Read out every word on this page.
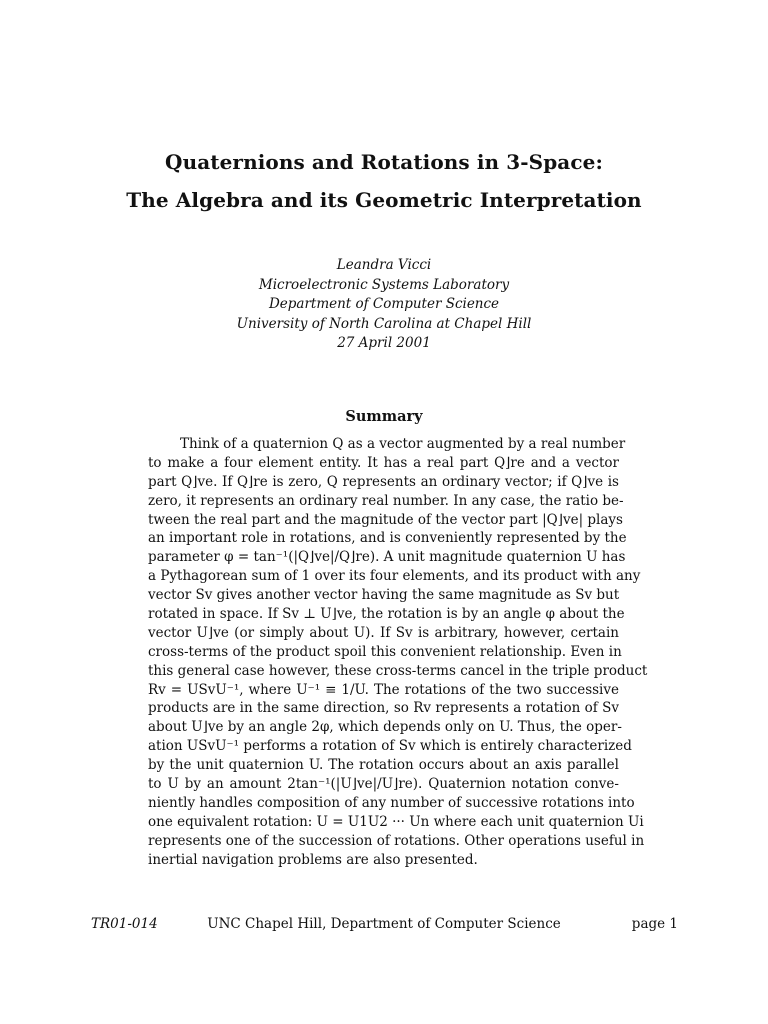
Quaternions and Rotations in 3-Space:
The Algebra and its Geometric Interpretation
Leandra Vicci
Microelectronic Systems Laboratory
Department of Computer Science
University of North Carolina at Chapel Hill
27 April 2001
Summary
Think of a quaternion Q as a vector augmented by a real number
to make a four element entity. It has a real part Q⌋re and a vector
part Q⌋ve. If Q⌋re is zero, Q represents an ordinary vector; if Q⌋ve is
zero, it represents an ordinary real number. In any case, the ratio be-
tween the real part and the magnitude of the vector part |Q⌋ve| plays
an important role in rotations, and is conveniently represented by the
parameter φ = tan⁻¹(|Q⌋ve|/Q⌋re). A unit magnitude quaternion U has
a Pythagorean sum of 1 over its four elements, and its product with any
vector Sv gives another vector having the same magnitude as Sv but
rotated in space. If Sv ⊥ U⌋ve, the rotation is by an angle φ about the
vector U⌋ve (or simply about U). If Sv is arbitrary, however, certain
cross-terms of the product spoil this convenient relationship. Even in
this general case however, these cross-terms cancel in the triple product
Rv = USvU⁻¹, where U⁻¹ ≡ 1/U. The rotations of the two successive
products are in the same direction, so Rv represents a rotation of Sv
about U⌋ve by an angle 2φ, which depends only on U. Thus, the oper-
ation USvU⁻¹ performs a rotation of Sv which is entirely characterized
by the unit quaternion U. The rotation occurs about an axis parallel
to U by an amount 2tan⁻¹(|U⌋ve|/U⌋re). Quaternion notation conve-
niently handles composition of any number of successive rotations into
one equivalent rotation: U = U1U2 ··· Un where each unit quaternion Ui
represents one of the succession of rotations. Other operations useful in
inertial navigation problems are also presented.
TR01-014	UNC Chapel Hill, Department of Computer Science	page 1
